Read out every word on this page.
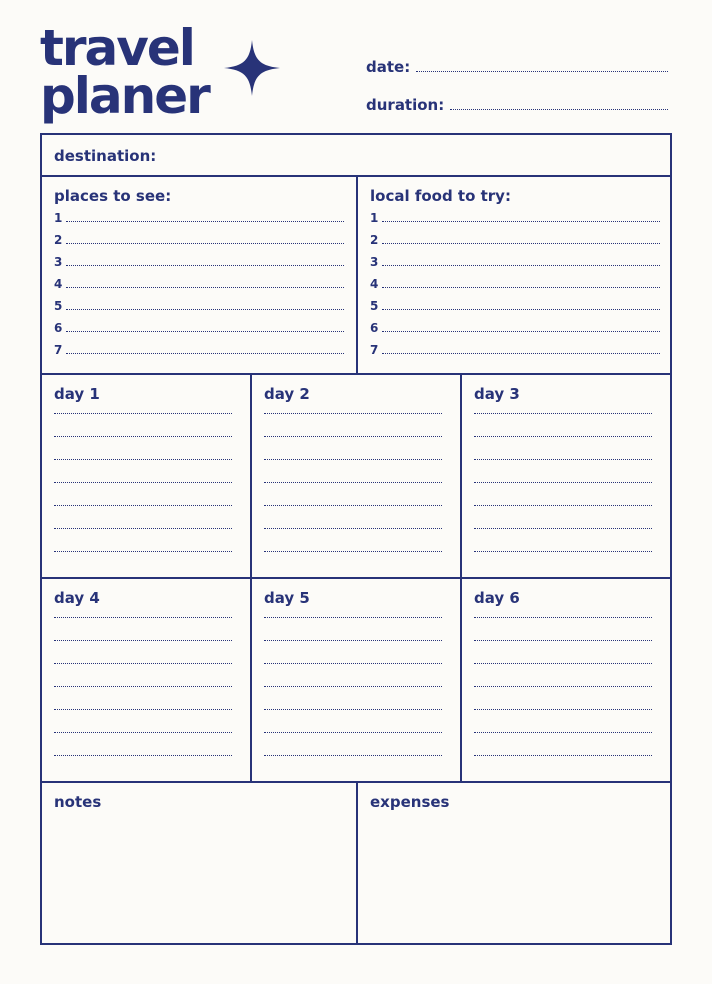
travel
planer	date:
duration:
destination:
places to see:
1
2
3
4
5
6
7
local food to try:
1
2
3
4
5
6
7
day 1	day 2	day 3
day 4	day 5	day 6
notes	expenses
